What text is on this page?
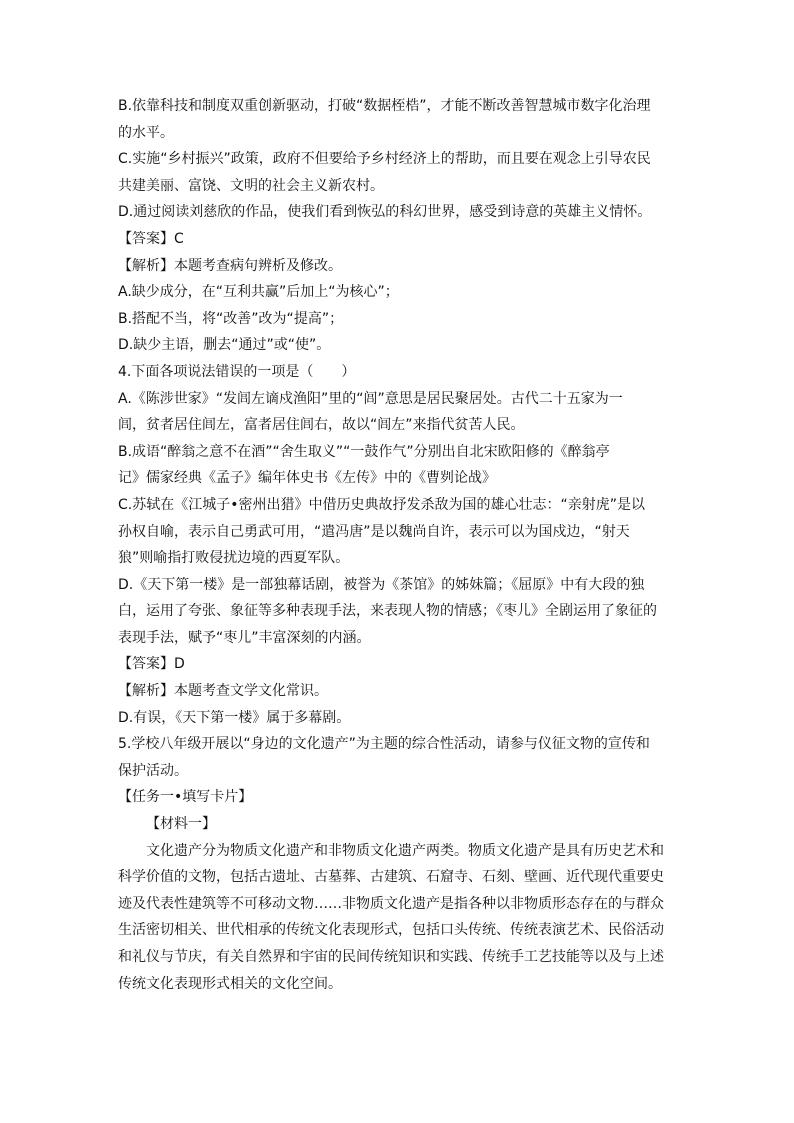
B.依靠科技和制度双重创新驱动，打破“数据桎梏”，才能不断改善智慧城市数字化治理
的水平。
C.实施“乡村振兴”政策，政府不但要给予乡村经济上的帮助，而且要在观念上引导农民
共建美丽、富饶、文明的社会主义新农村。
D.通过阅读刘慈欣的作品，使我们看到恢弘的科幻世界，感受到诗意的英雄主义情怀。
【答案】C
【解析】本题考查病句辨析及修改。
A.缺少成分，在“互利共赢”后加上“为核心”；
B.搭配不当，将“改善”改为“提高”；
D.缺少主语，删去“通过”或“使”。
4.下面各项说法错误的一项是（　　）
A.《陈涉世家》“发闾左谪戍渔阳”里的“闾”意思是居民聚居处。古代二十五家为一
闾，贫者居住闾左，富者居住闾右，故以“闾左”来指代贫苦人民。
B.成语“醉翁之意不在酒”“舍生取义”“一鼓作气”分别出自北宋欧阳修的《醉翁亭
记》儒家经典《孟子》编年体史书《左传》中的《曹刿论战》
C.苏轼在《江城子•密州出猎》中借历史典故抒发杀敌为国的雄心壮志：“亲射虎”是以
孙权自喻，表示自己勇武可用，“遣冯唐”是以魏尚自许，表示可以为国戍边，“射天
狼”则喻指打败侵扰边境的西夏军队。
D.《天下第一楼》是一部独幕话剧，被誉为《茶馆》的姊妹篇；《屈原》中有大段的独
白，运用了夸张、象征等多种表现手法，来表现人物的情感；《枣儿》全剧运用了象征的
表现手法，赋予“枣儿”丰富深刻的内涵。
【答案】D
【解析】本题考查文学文化常识。
D.有误，《天下第一楼》属于多幕剧。
5.学校八年级开展以“身边的文化遗产”为主题的综合性活动，请参与仪征文物的宣传和
保护活动。
【任务一•填写卡片】
【材料一】
文化遗产分为物质文化遗产和非物质文化遗产两类。物质文化遗产是具有历史艺术和
科学价值的文物，包括古遗址、古墓葬、古建筑、石窟寺、石刻、壁画、近代现代重要史
迹及代表性建筑等不可移动文物……非物质文化遗产是指各种以非物质形态存在的与群众
生活密切相关、世代相承的传统文化表现形式，包括口头传统、传统表演艺术、民俗活动
和礼仪与节庆，有关自然界和宇宙的民间传统知识和实践、传统手工艺技能等以及与上述
传统文化表现形式相关的文化空间。
